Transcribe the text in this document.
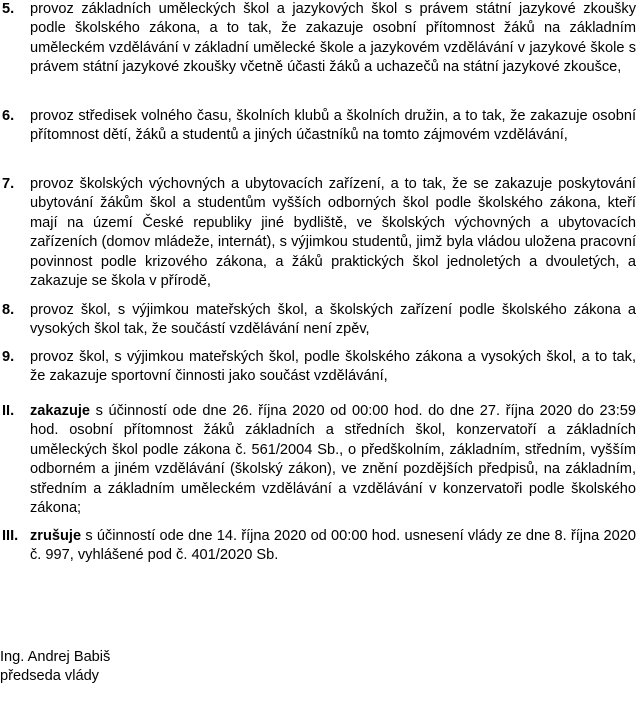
5.	provoz základních uměleckých škol a jazykových škol s právem státní jazykové zkoušky podle školského zákona, a to tak, že zakazuje osobní přítomnost žáků na základním uměleckém vzdělávání v základní umělecké škole a jazykovém vzdělávání v jazykové škole s právem státní jazykové zkoušky včetně účasti žáků a uchazečů na státní jazykové zkoušce,
6.	provoz středisek volného času, školních klubů a školních družin, a to tak, že zakazuje osobní přítomnost dětí, žáků a studentů a jiných účastníků na tomto zájmovém vzdělávání,
7.	provoz školských výchovných a ubytovacích zařízení, a to tak, že se zakazuje poskytování ubytování žákům škol a studentům vyšších odborných škol podle školského zákona, kteří mají na území České republiky jiné bydliště, ve školských výchovných a ubytovacích zařízeních (domov mládeže, internát), s výjimkou studentů, jimž byla vládou uložena pracovní povinnost podle krizového zákona, a žáků praktických škol jednoletých a dvouletých, a zakazuje se škola v přírodě,
8.	provoz škol, s výjimkou mateřských škol, a školských zařízení podle školského zákona a vysokých škol tak, že součástí vzdělávání není zpěv,
9.	provoz škol, s výjimkou mateřských škol, podle školského zákona a vysokých škol, a to tak, že zakazuje sportovní činnosti jako součást vzdělávání,
II.	zakazuje s účinností ode dne 26. října 2020 od 00:00 hod. do dne 27. října 2020 do 23:59 hod. osobní přítomnost žáků základních a středních škol, konzervatoří a základních uměleckých škol podle zákona č. 561/2004 Sb., o předškolním, základním, středním, vyšším odborném a jiném vzdělávání (školský zákon), ve znění pozdějších předpisů, na základním, středním a základním uměleckém vzdělávání a vzdělávání v konzervatoři podle školského zákona;
III. zrušuje s účinností ode dne 14. října 2020 od 00:00 hod. usnesení vlády ze dne 8. října 2020 č. 997, vyhlášené pod č. 401/2020 Sb.
Ing. Andrej Babiš
předseda vlády
